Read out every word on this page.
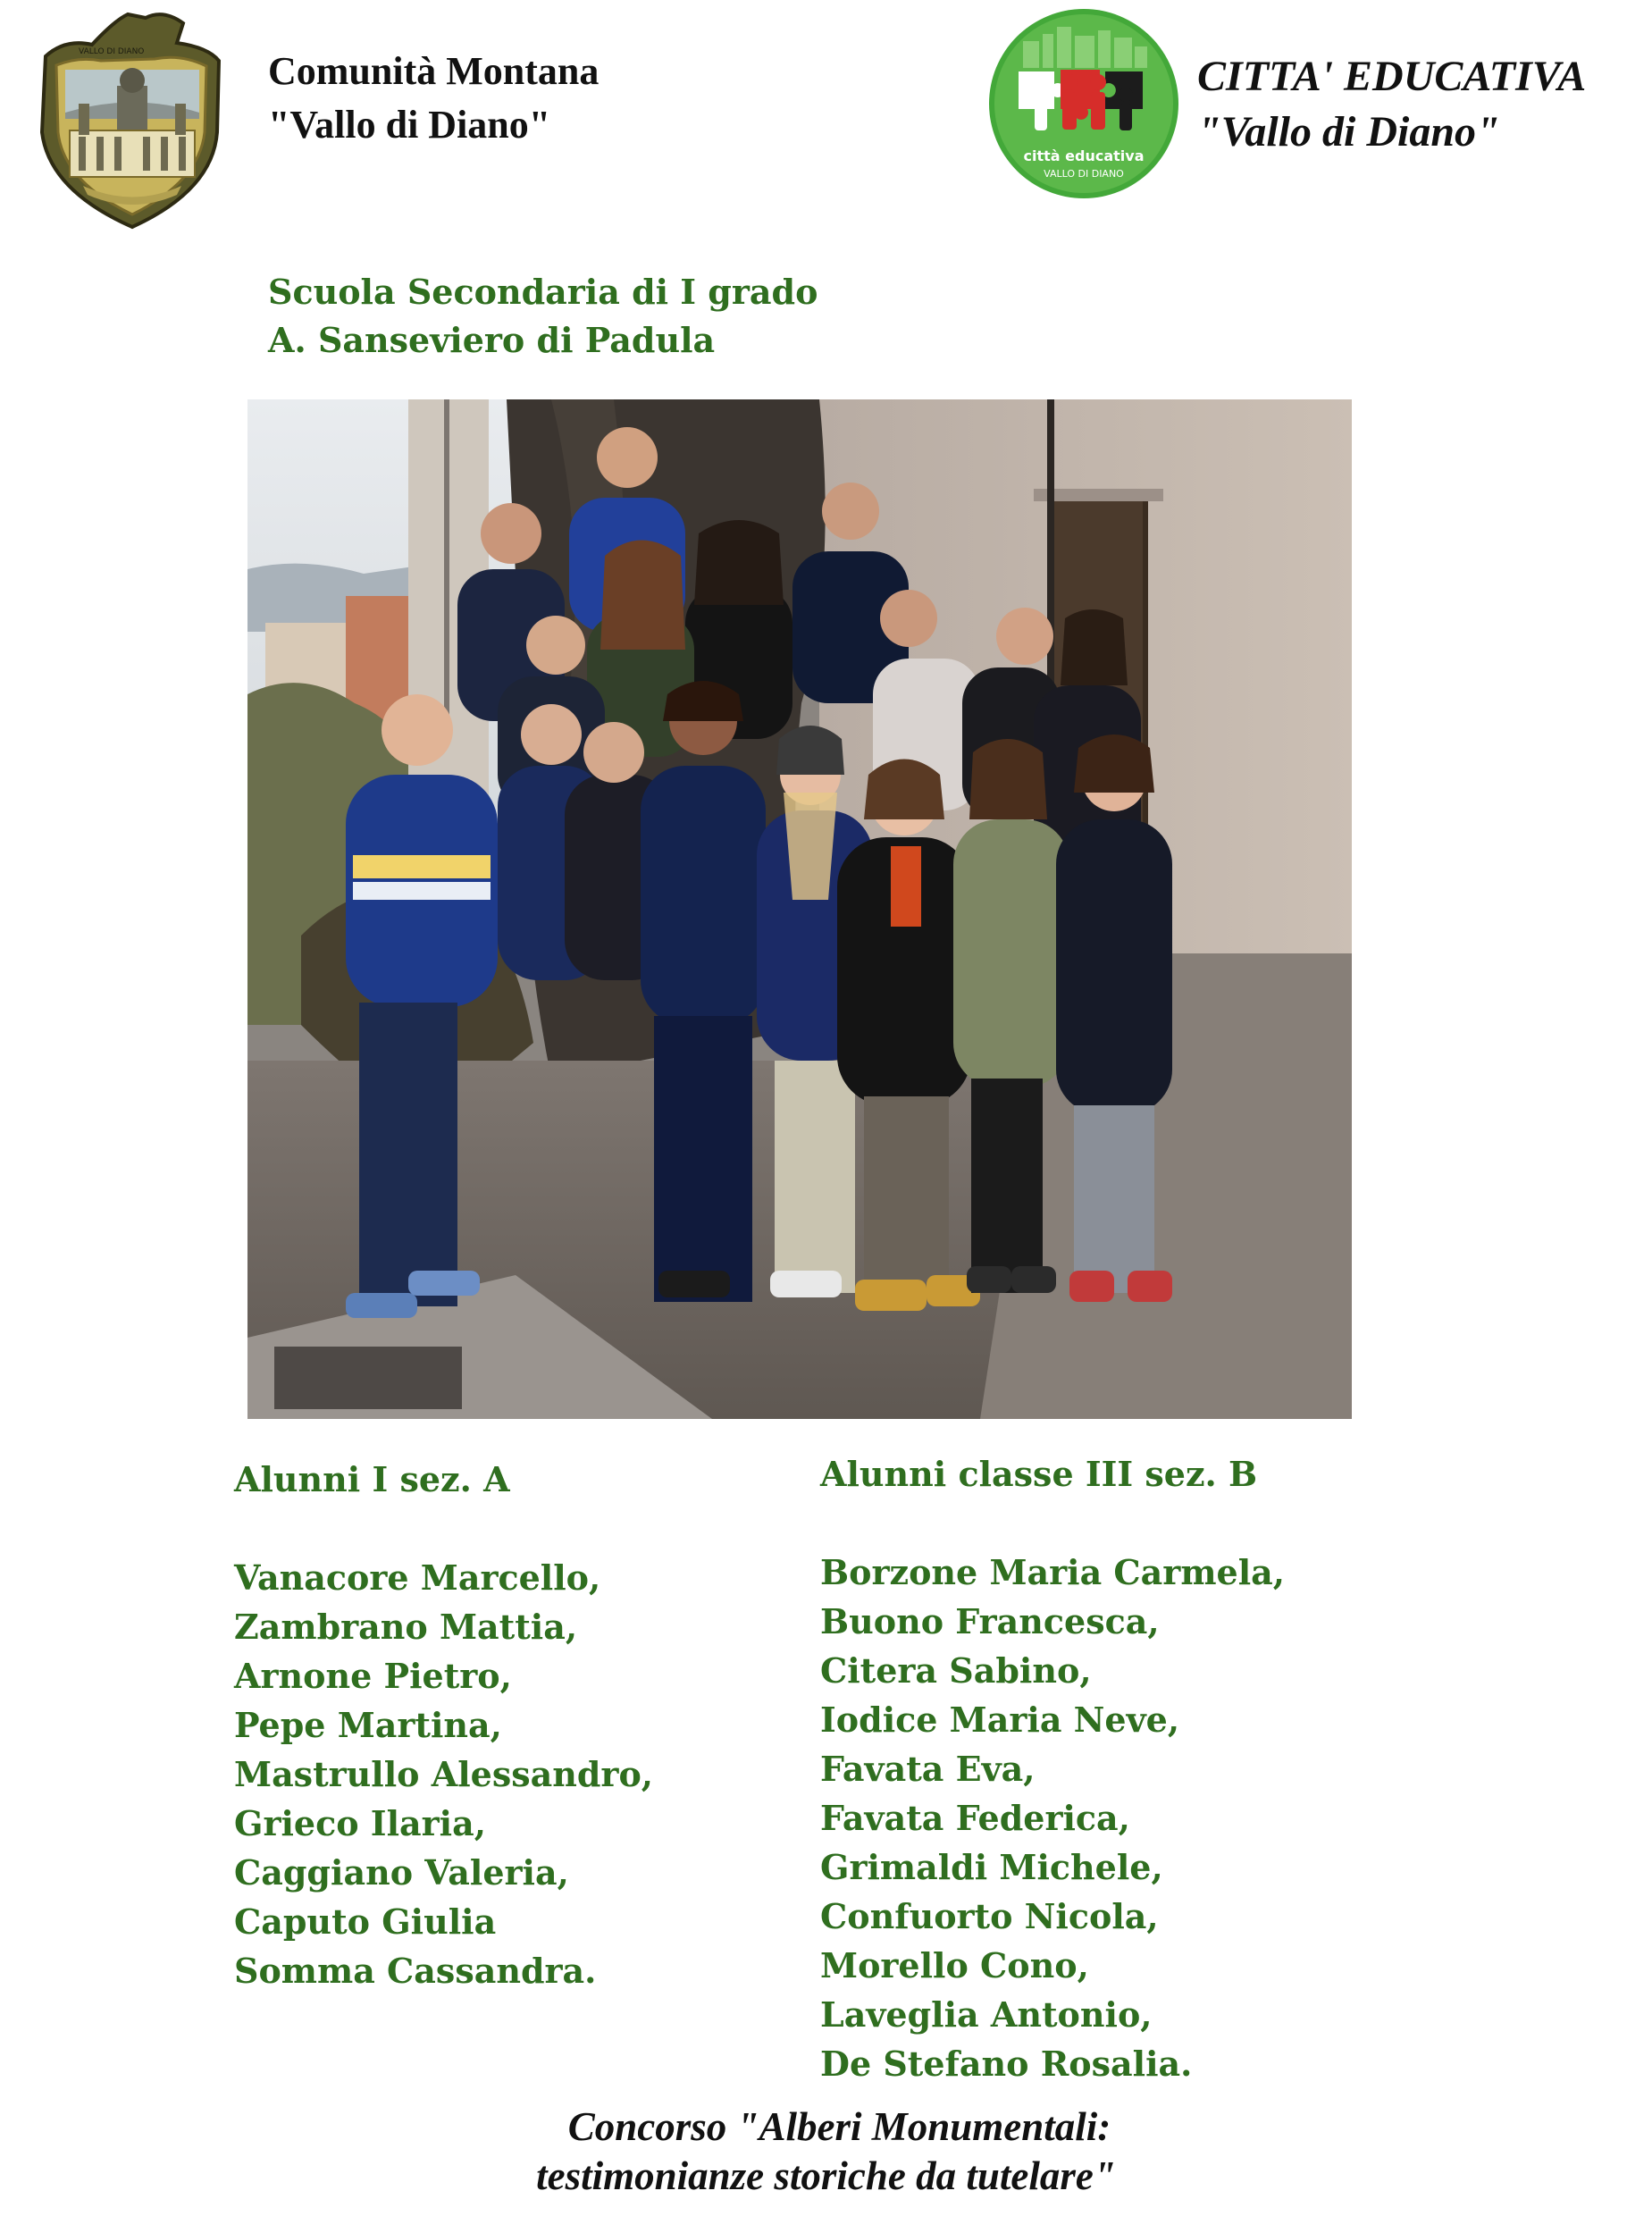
VALLO DI DIANO	Comunità Montana
"Vallo di Diano"
città educativa
VALLO DI DIANO
CITTA' EDUCATIVA
"Vallo di Diano"
Scuola Secondaria di I grado
A. Sanseviero di Padula
Alunni I sez. A
Vanacore Marcello,
Zambrano Mattia,
Arnone Pietro,
Pepe Martina,
Mastrullo Alessandro,
Grieco Ilaria,
Caggiano Valeria,
Caputo Giulia
Somma Cassandra.
Alunni classe III sez. B
Borzone Maria Carmela,
Buono Francesca,
Citera Sabino,
Iodice Maria Neve,
Favata Eva,
Favata Federica,
Grimaldi Michele,
Confuorto Nicola,
Morello Cono,
Laveglia Antonio,
De Stefano Rosalia.
Concorso "Alberi Monumentali:
testimonianze storiche da tutelare"
